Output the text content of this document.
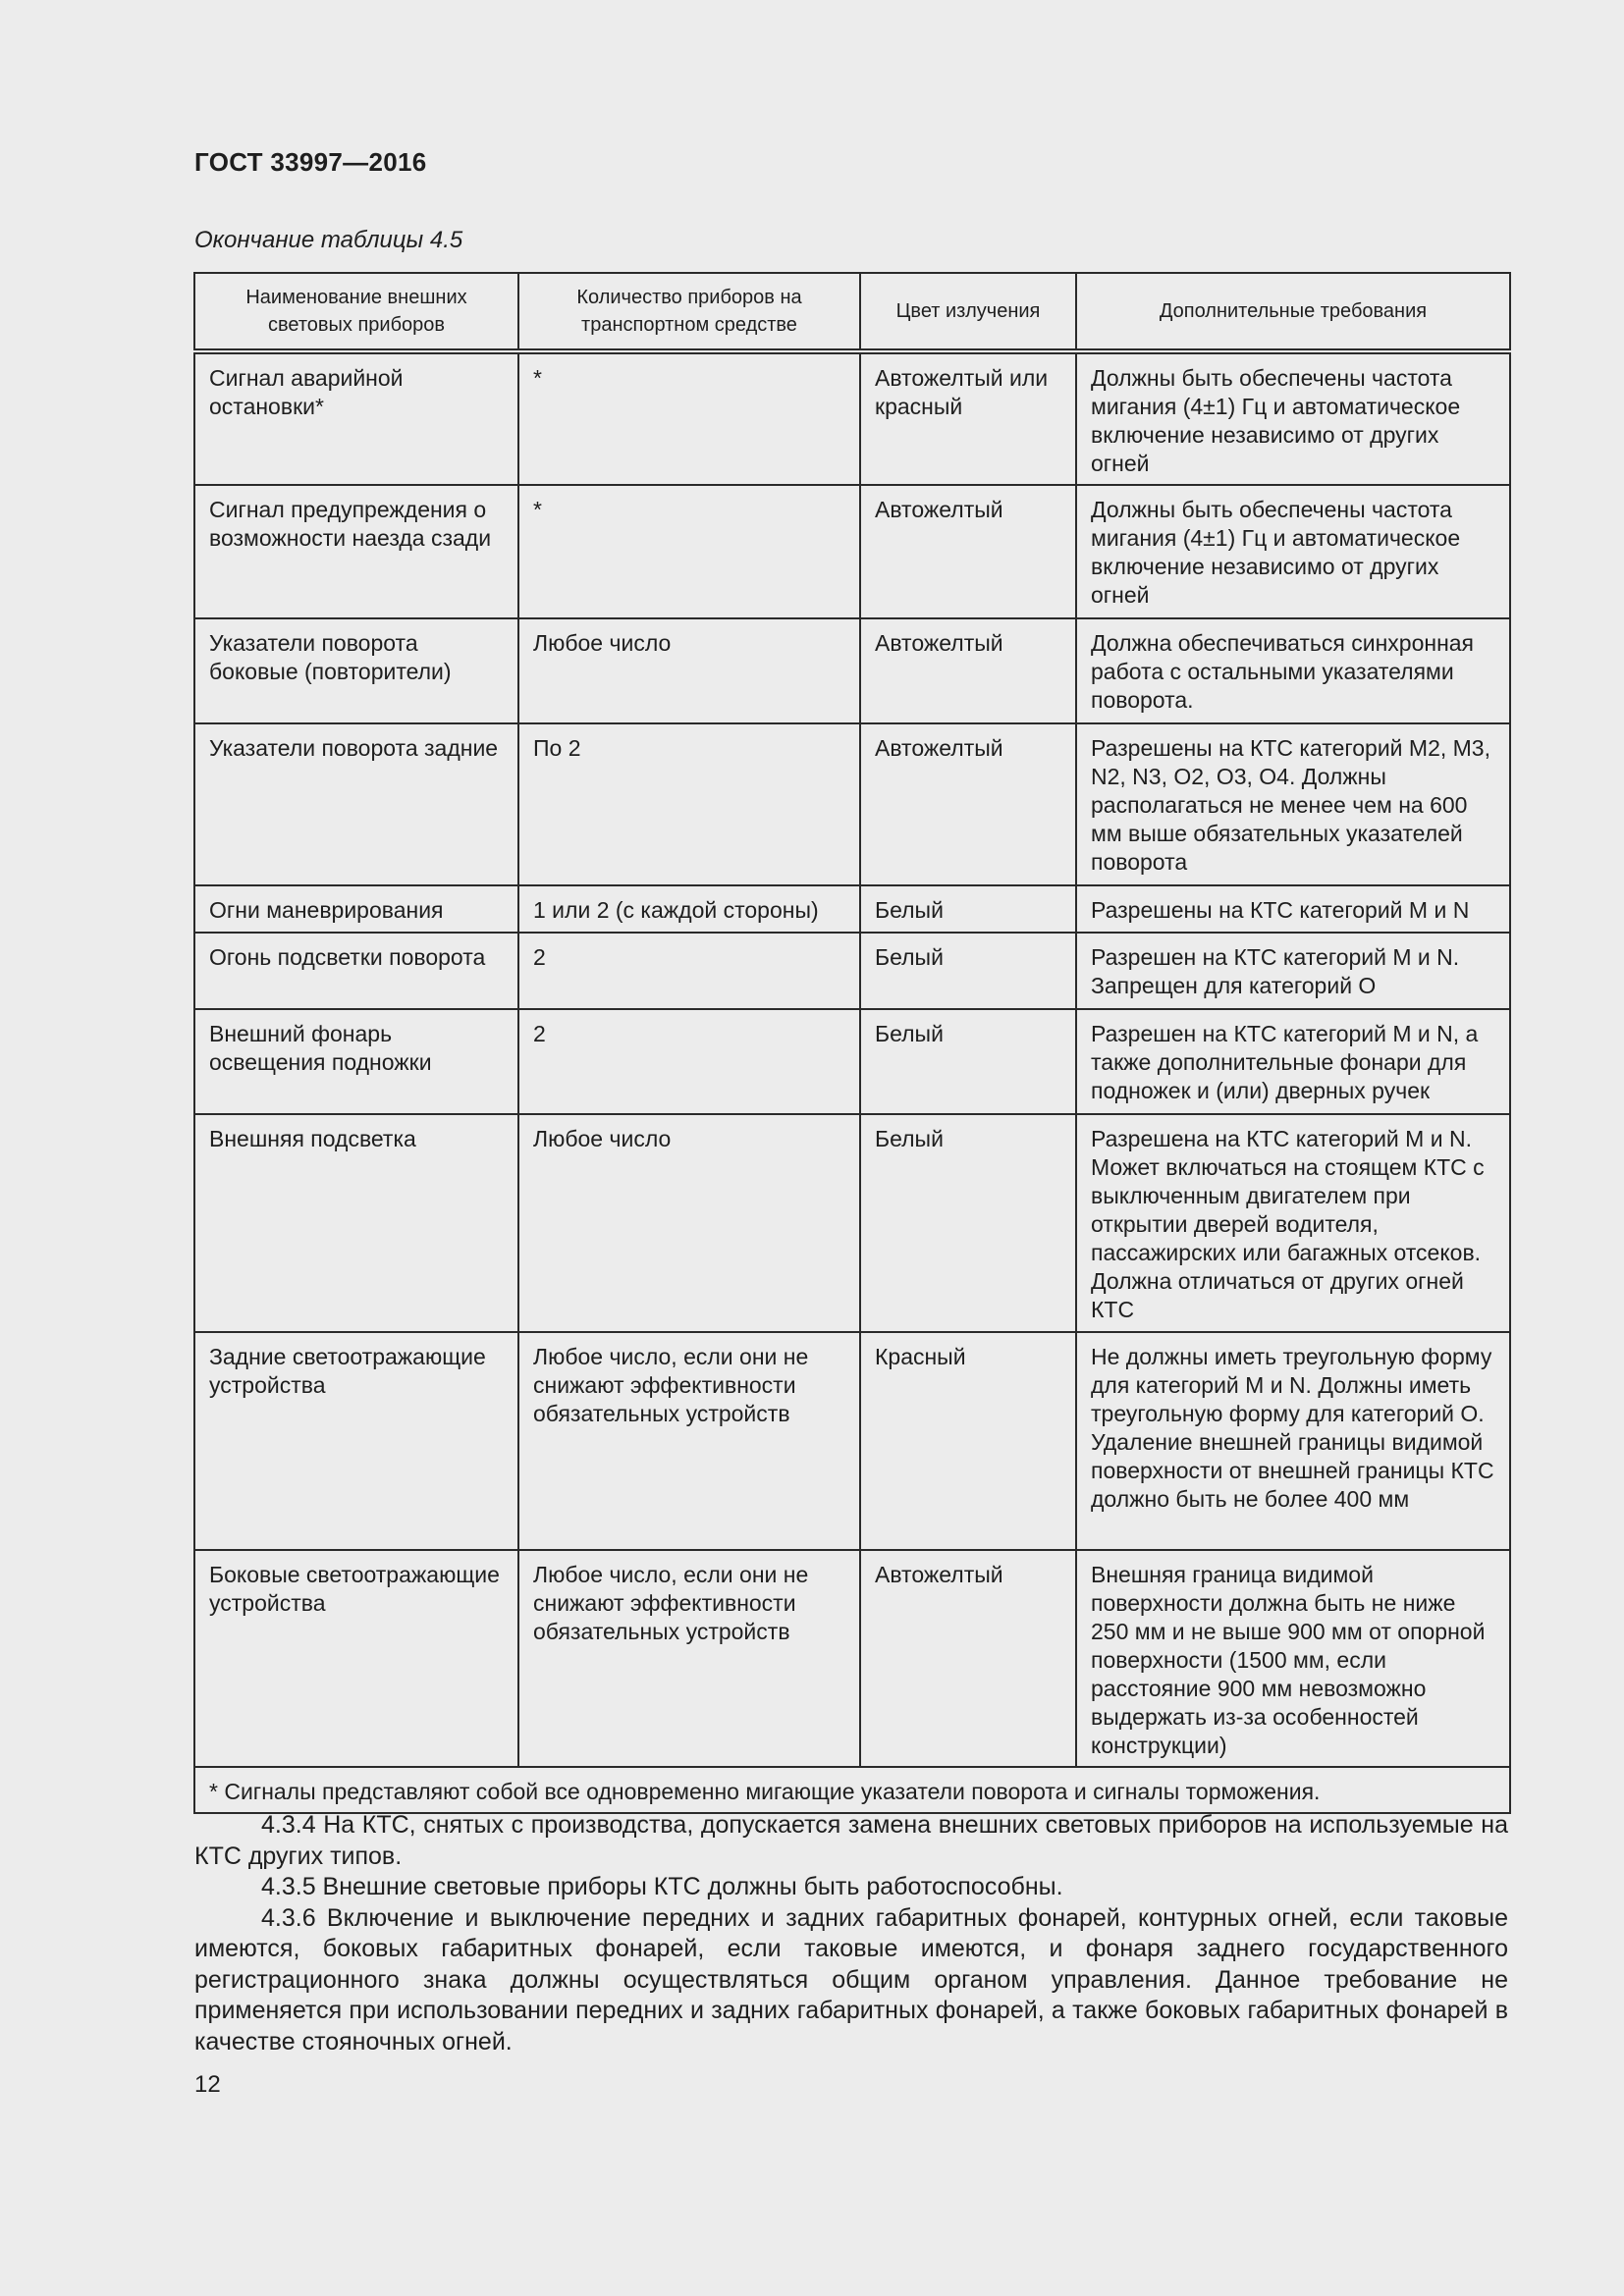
ГОСТ 33997—2016
Окончание таблицы 4.5
Наименование внешних световых приборов	Количество приборов на транспортном средстве	Цвет излучения	Дополнительные требования
Сигнал аварийной остановки*	*	Автожелтый или красный	Должны быть обеспечены частота мигания (4±1) Гц и автоматическое включение независимо от других огней
Сигнал предупреждения о возможности наезда сзади	*	Автожелтый	Должны быть обеспечены частота мигания (4±1) Гц и автоматическое включение независимо от других огней
Указатели поворота боковые (повторители)	Любое число	Автожелтый	Должна обеспечиваться синхронная работа с остальными указателями поворота.
Указатели поворота задние	По 2	Автожелтый	Разрешены на КТС категорий М2, М3, N2, N3, О2, О3, О4. Должны располагаться не менее чем на 600 мм выше обязательных указателей поворота
Огни маневрирования	1 или 2 (с каждой стороны)	Белый	Разрешены на КТС категорий М и N
Огонь подсветки поворота	2	Белый	Разрешен на КТС категорий М и N. Запрещен для категорий О
Внешний фонарь освещения подножки	2	Белый	Разрешен на КТС категорий М и N, а также дополнительные фонари для подножек и (или) дверных ручек
Внешняя подсветка	Любое число	Белый	Разрешена на КТС категорий М и N. Может включаться на стоящем КТС с выключенным двигателем при открытии дверей водителя, пассажирских или багажных отсеков. Должна отличаться от других огней КТС
Задние светоотражающие устройства	Любое число, если они не снижают эффективности обязательных устройств	Красный	Не должны иметь треугольную форму для категорий М и N. Должны иметь треугольную форму для категорий О. Удаление внешней границы видимой поверхности от внешней границы КТС должно быть не более 400 мм
Боковые светоотражающие устройства	Любое число, если они не снижают эффективности обязательных устройств	Автожелтый	Внешняя граница видимой поверхности должна быть не ниже 250 мм и не выше 900 мм от опорной поверхности (1500 мм, если расстояние 900 мм невозможно выдержать из-за особенностей конструкции)
* Сигналы представляют собой все одновременно мигающие указатели поворота и сигналы торможения.			

4.3.4 На КТС, снятых с производства, допускается замена внешних световых приборов на используемые на КТС других типов.

4.3.5 Внешние световые приборы КТС должны быть работоспособны.

4.3.6 Включение и выключение передних и задних габаритных фонарей, контурных огней, если таковые имеются, боковых габаритных фонарей, если таковые имеются, и фонаря заднего государственного регистрационного знака должны осуществляться общим органом управления. Данное требование не применяется при использовании передних и задних габаритных фонарей, а также боковых габаритных фонарей в качестве стояночных огней.

12
